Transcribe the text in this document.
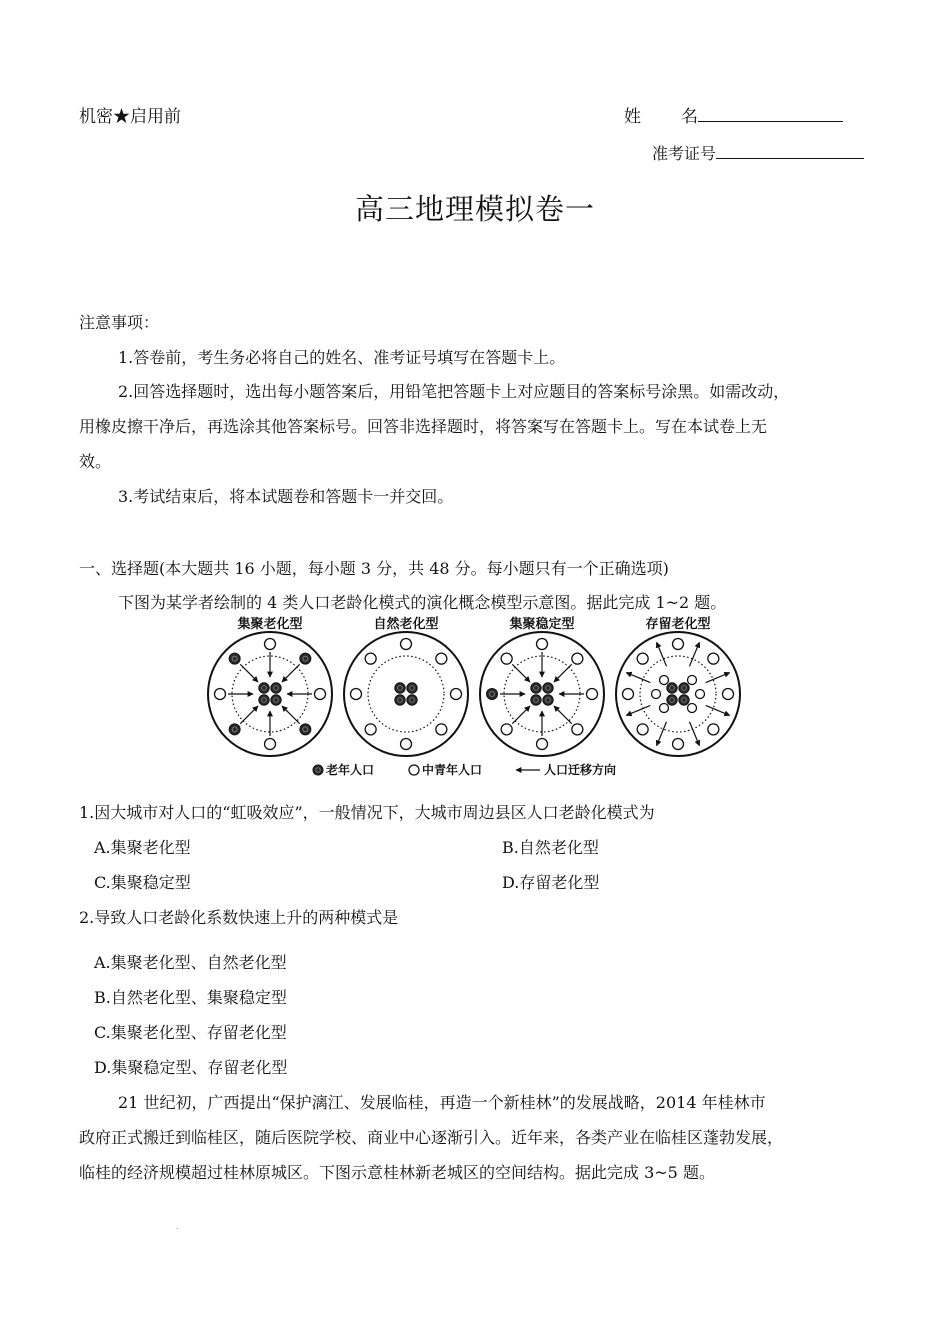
机密★启用前	姓 名
准考证号
高三地理模拟卷一
注意事项：
1.答卷前，考生务必将自己的姓名、准考证号填写在答题卡上。
2.回答选择题时，选出每小题答案后，用铅笔把答题卡上对应题目的答案标号涂黑。如需改动，
用橡皮擦干净后，再选涂其他答案标号。回答非选择题时，将答案写在答题卡上。写在本试卷上无
效。
3.考试结束后，将本试题卷和答题卡一并交回。
一、选择题(本大题共 16 小题，每小题 3 分，共 48 分。每小题只有一个正确选项)
下图为某学者绘制的 4 类人口老龄化模式的演化概念模型示意图。据此完成 1~2 题。
集聚老化型	自然老化型	集聚稳定型	存留老化型
老年人口	中青年人口	人口迁移方向
1.因大城市对人口的“虹吸效应”，一般情况下，大城市周边县区人口老龄化模式为
A.集聚老化型	B.自然老化型
C.集聚稳定型	D.存留老化型
2.导致人口老龄化系数快速上升的两种模式是
A.集聚老化型、自然老化型
B.自然老化型、集聚稳定型
C.集聚老化型、存留老化型
D.集聚稳定型、存留老化型
21 世纪初，广西提出“保护漓江、发展临桂，再造一个新桂林”的发展战略，2014 年桂林市
政府正式搬迁到临桂区，随后医院学校、商业中心逐渐引入。近年来，各类产业在临桂区蓬勃发展，
临桂的经济规模超过桂林原城区。下图示意桂林新老城区的空间结构。据此完成 3~5 题。
.
